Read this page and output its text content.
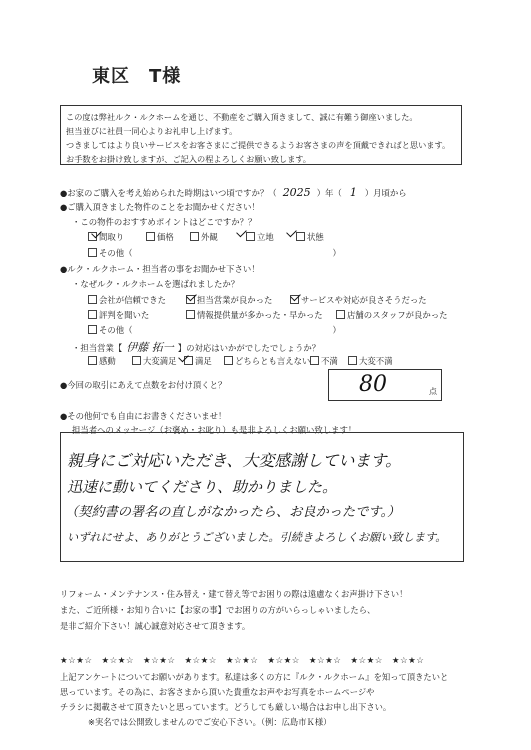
東区　T様
この度は弊社ルク・ルクホームを通じ、不動産をご購入頂きまして、誠に有難う御座いました。
担当並びに社員一同心よりお礼申し上げます。
つきましてはより良いサービスをお客さまにご提供できるようお客さまの声を頂戴できればと思います。
お手数をお掛け致しますが、ご記入の程よろしくお願い致します。
●お家のご購入を考え始められた時期はいつ頃ですか？（ 2025 ）年（ 1 ）月頃から
●ご購入頂きました物件のことをお聞かせください！
・この物件のおすすめポイントはどこですか？？
間取り	価格	外観	立地	状態
その他（	）
●ルク・ルクホーム・担当者の事をお聞かせ下さい！
・なぜルク・ルクホームを選ばれましたか？
会社が信頼できた	担当営業が良かった	サービスや対応が良さそうだった
評判を聞いた	情報提供量が多かった・早かった	店舗のスタッフが良かった
その他（	）
・担当営業【 伊藤 拓一 】の対応はいかがでしたでしょうか？
感動	大変満足 満足	どちらとも言えない 不満	大変不満
●今回の取引にあえて点数をお付け頂くと？	80	点
●その他何でも自由にお書きくださいませ！
担当者へのメッセージ（お褒め・お叱り）も是非よろしくお願い致します！
親身にご対応いただき、大変感謝しています。
迅速に動いてくださり、助かりました。
（契約書の署名の直しがなかったら、お良かったです。）
いずれにせよ、ありがとうございました。引続きよろしくお願い致します。
リフォーム・メンテナンス・住み替え・建て替え等でお困りの際は遠慮なくお声掛け下さい！
また、ご近所様・お知り合いに【お家の事】でお困りの方がいらっしゃいましたら、
是非ご紹介下さい！誠心誠意対応させて頂きます。
★☆★☆　★☆★☆　★☆★☆　★☆★☆　★☆★☆　★☆★☆　★☆★☆　★☆★☆　★☆★☆
上記アンケートについてお願いがあります。私達は多くの方に『ルク・ルクホーム』を知って頂きたいと
思っています。その為に、お客さまから頂いた貴重なお声やお写真をホームページや
チラシに掲載させて頂きたいと思っています。どうしても厳しい場合はお申し出下さい。
※実名では公開致しませんのでご安心下さい。（例：広島市Ｋ様）
